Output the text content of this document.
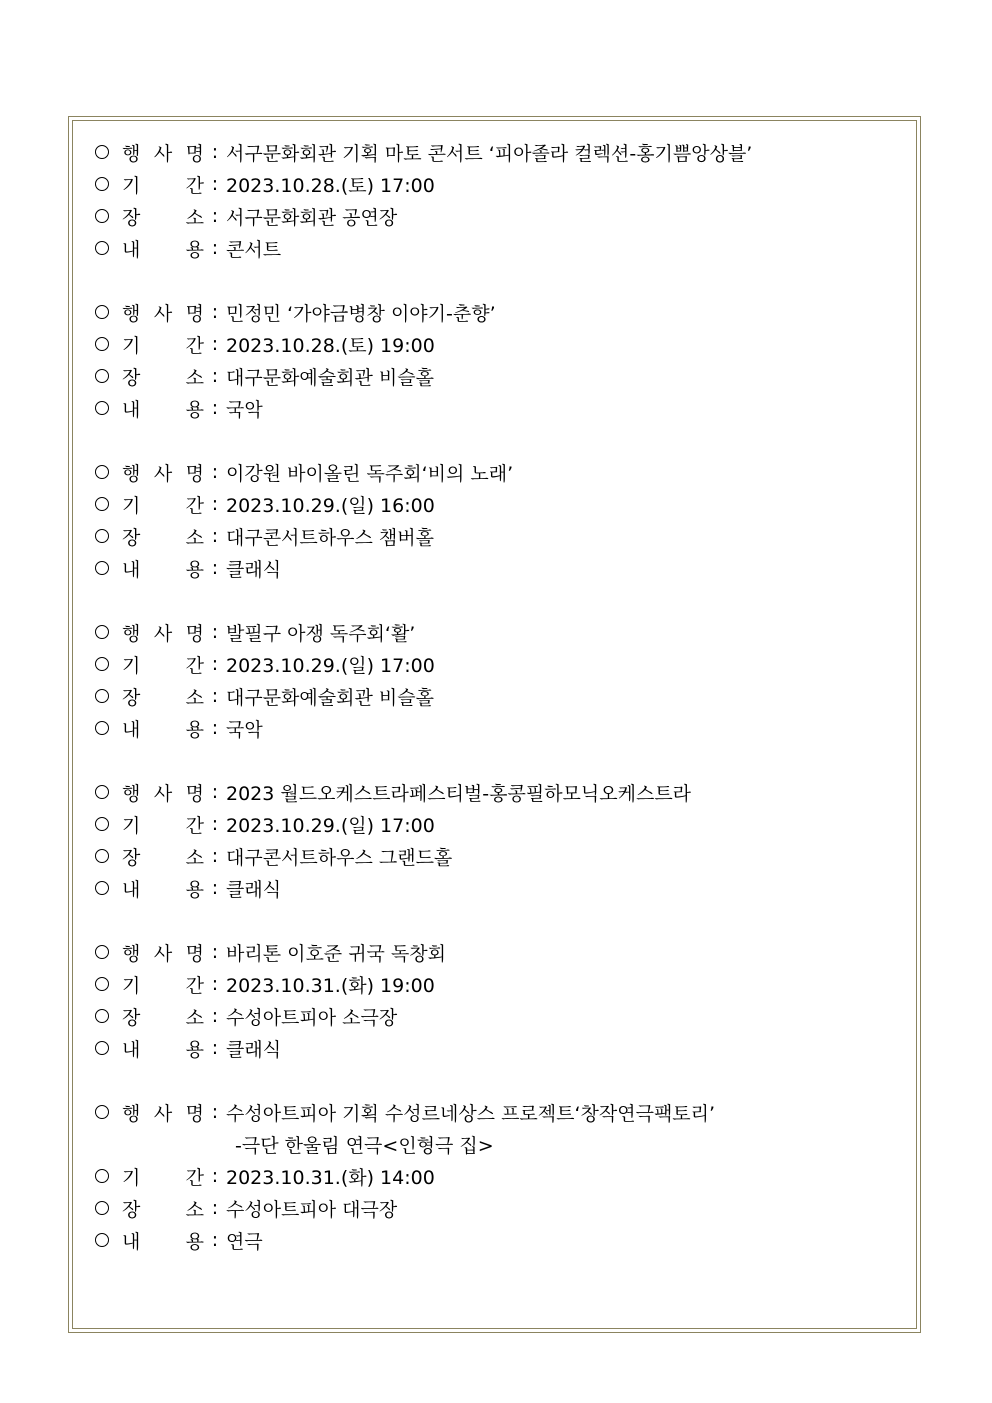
행 사 명 : 서구문화회관 기획 마토 콘서트 ‘피아졸라 컬렉션-홍기쁨앙상블’
기 간 : 2023.10.28.(토) 17:00
장 소 : 서구문화회관 공연장
내 용 : 콘서트
행 사 명 : 민정민 ‘가야금병창 이야기-춘향’
기 간 : 2023.10.28.(토) 19:00
장 소 : 대구문화예술회관 비슬홀
내 용 : 국악
행 사 명 : 이강원 바이올린 독주회‘비의 노래’
기 간 : 2023.10.29.(일) 16:00
장 소 : 대구콘서트하우스 챔버홀
내 용 : 클래식
행 사 명 : 발필구 아쟁 독주회‘활’
기 간 : 2023.10.29.(일) 17:00
장 소 : 대구문화예술회관 비슬홀
내 용 : 국악
행 사 명 : 2023 월드오케스트라페스티벌-홍콩필하모닉오케스트라
기 간 : 2023.10.29.(일) 17:00
장 소 : 대구콘서트하우스 그랜드홀
내 용 : 클래식
행 사 명 : 바리톤 이호준 귀국 독창회
기 간 : 2023.10.31.(화) 19:00
장 소 : 수성아트피아 소극장
내 용 : 클래식
행 사 명 : 수성아트피아 기획 수성르네상스 프로젝트‘창작연극팩토리’
-극단 한울림 연극<인형극 집>
기 간 : 2023.10.31.(화) 14:00
장 소 : 수성아트피아 대극장
내 용 : 연극
